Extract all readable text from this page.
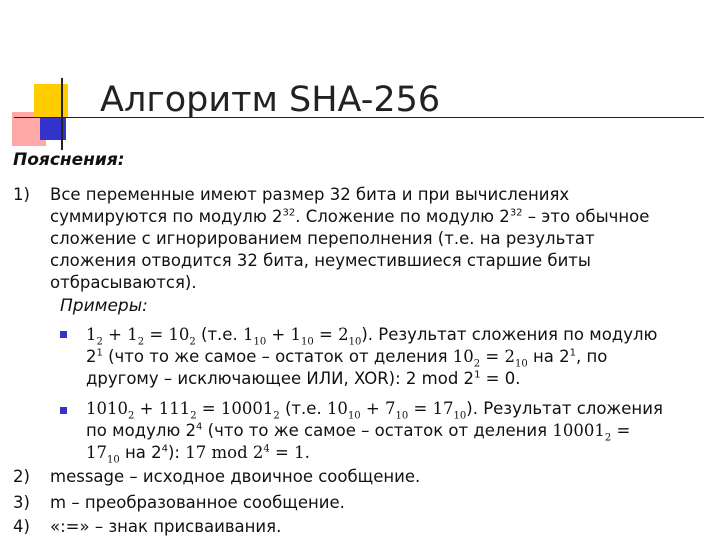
Алгоритм SHA-256
Пояснения:
1) Все переменные имеют размер 32 бита и при вычислениях
суммируются по модулю $2^{32}$. Сложение по модулю $2^{32}$ – это обычное
сложение с игнорированием переполнения (т.е. на результат
сложения отводится 32 бита, неуместившиеся старшие биты
отбрасываются).
Примеры:
$1_2 + 1_2 = 10_2$ (т.е. $1_{10} + 1_{10} = 2_{10}$). Результат сложения по модулю
$2^1$ (что то же самое – остаток от деления $10_2 = 2_{10}$ на $2^1$, по
другому – исключающее ИЛИ, XOR): 2 mod $2^1 = 0$.
$1010_2 + 111_2 = 10001_2$ (т.е. $10_{10} + 7_{10} = 17_{10}$). Результат сложения
по модулю $2^4$ (что то же самое – остаток от деления $10001_2$ =
$17_{10}$ на $2^4$): 17 mod $2^4 = 1$.
2) message – исходное двоичное сообщение.
3) m – преобразованное сообщение.
4) «:=» – знак присваивания.
